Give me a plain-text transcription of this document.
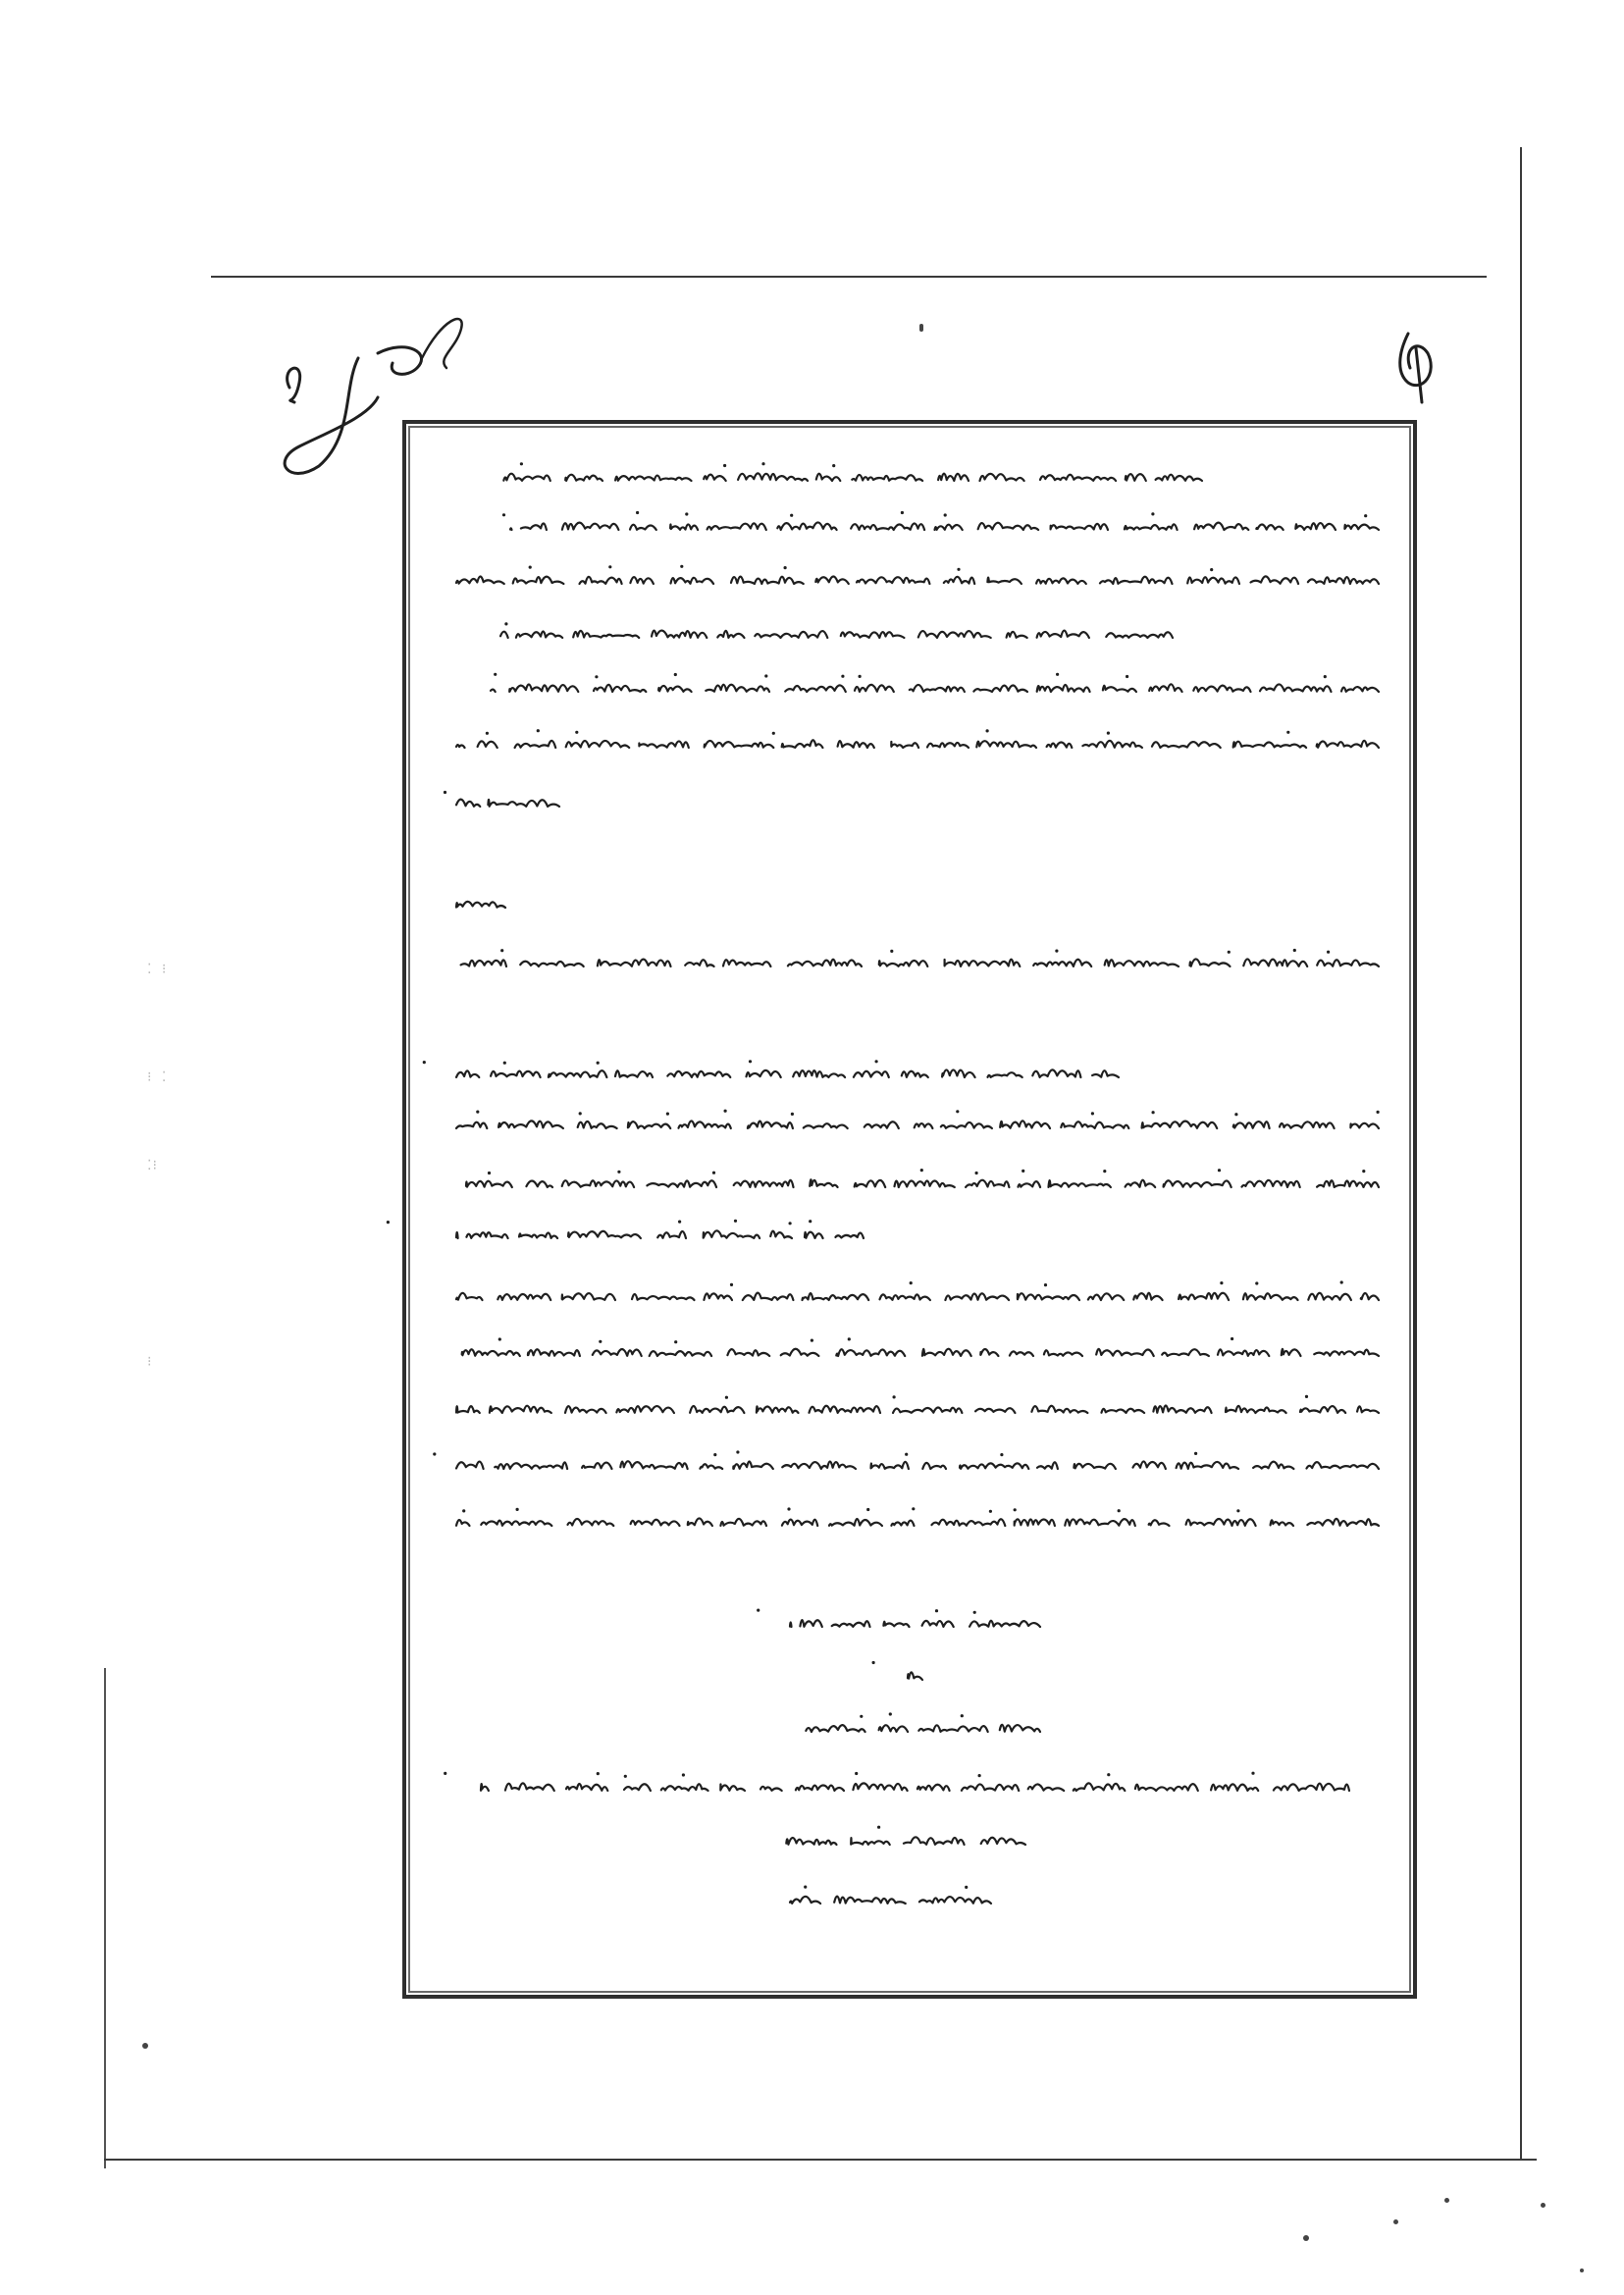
⁚ ⁝
⁝ ⁚
⁚⁝
⁝
